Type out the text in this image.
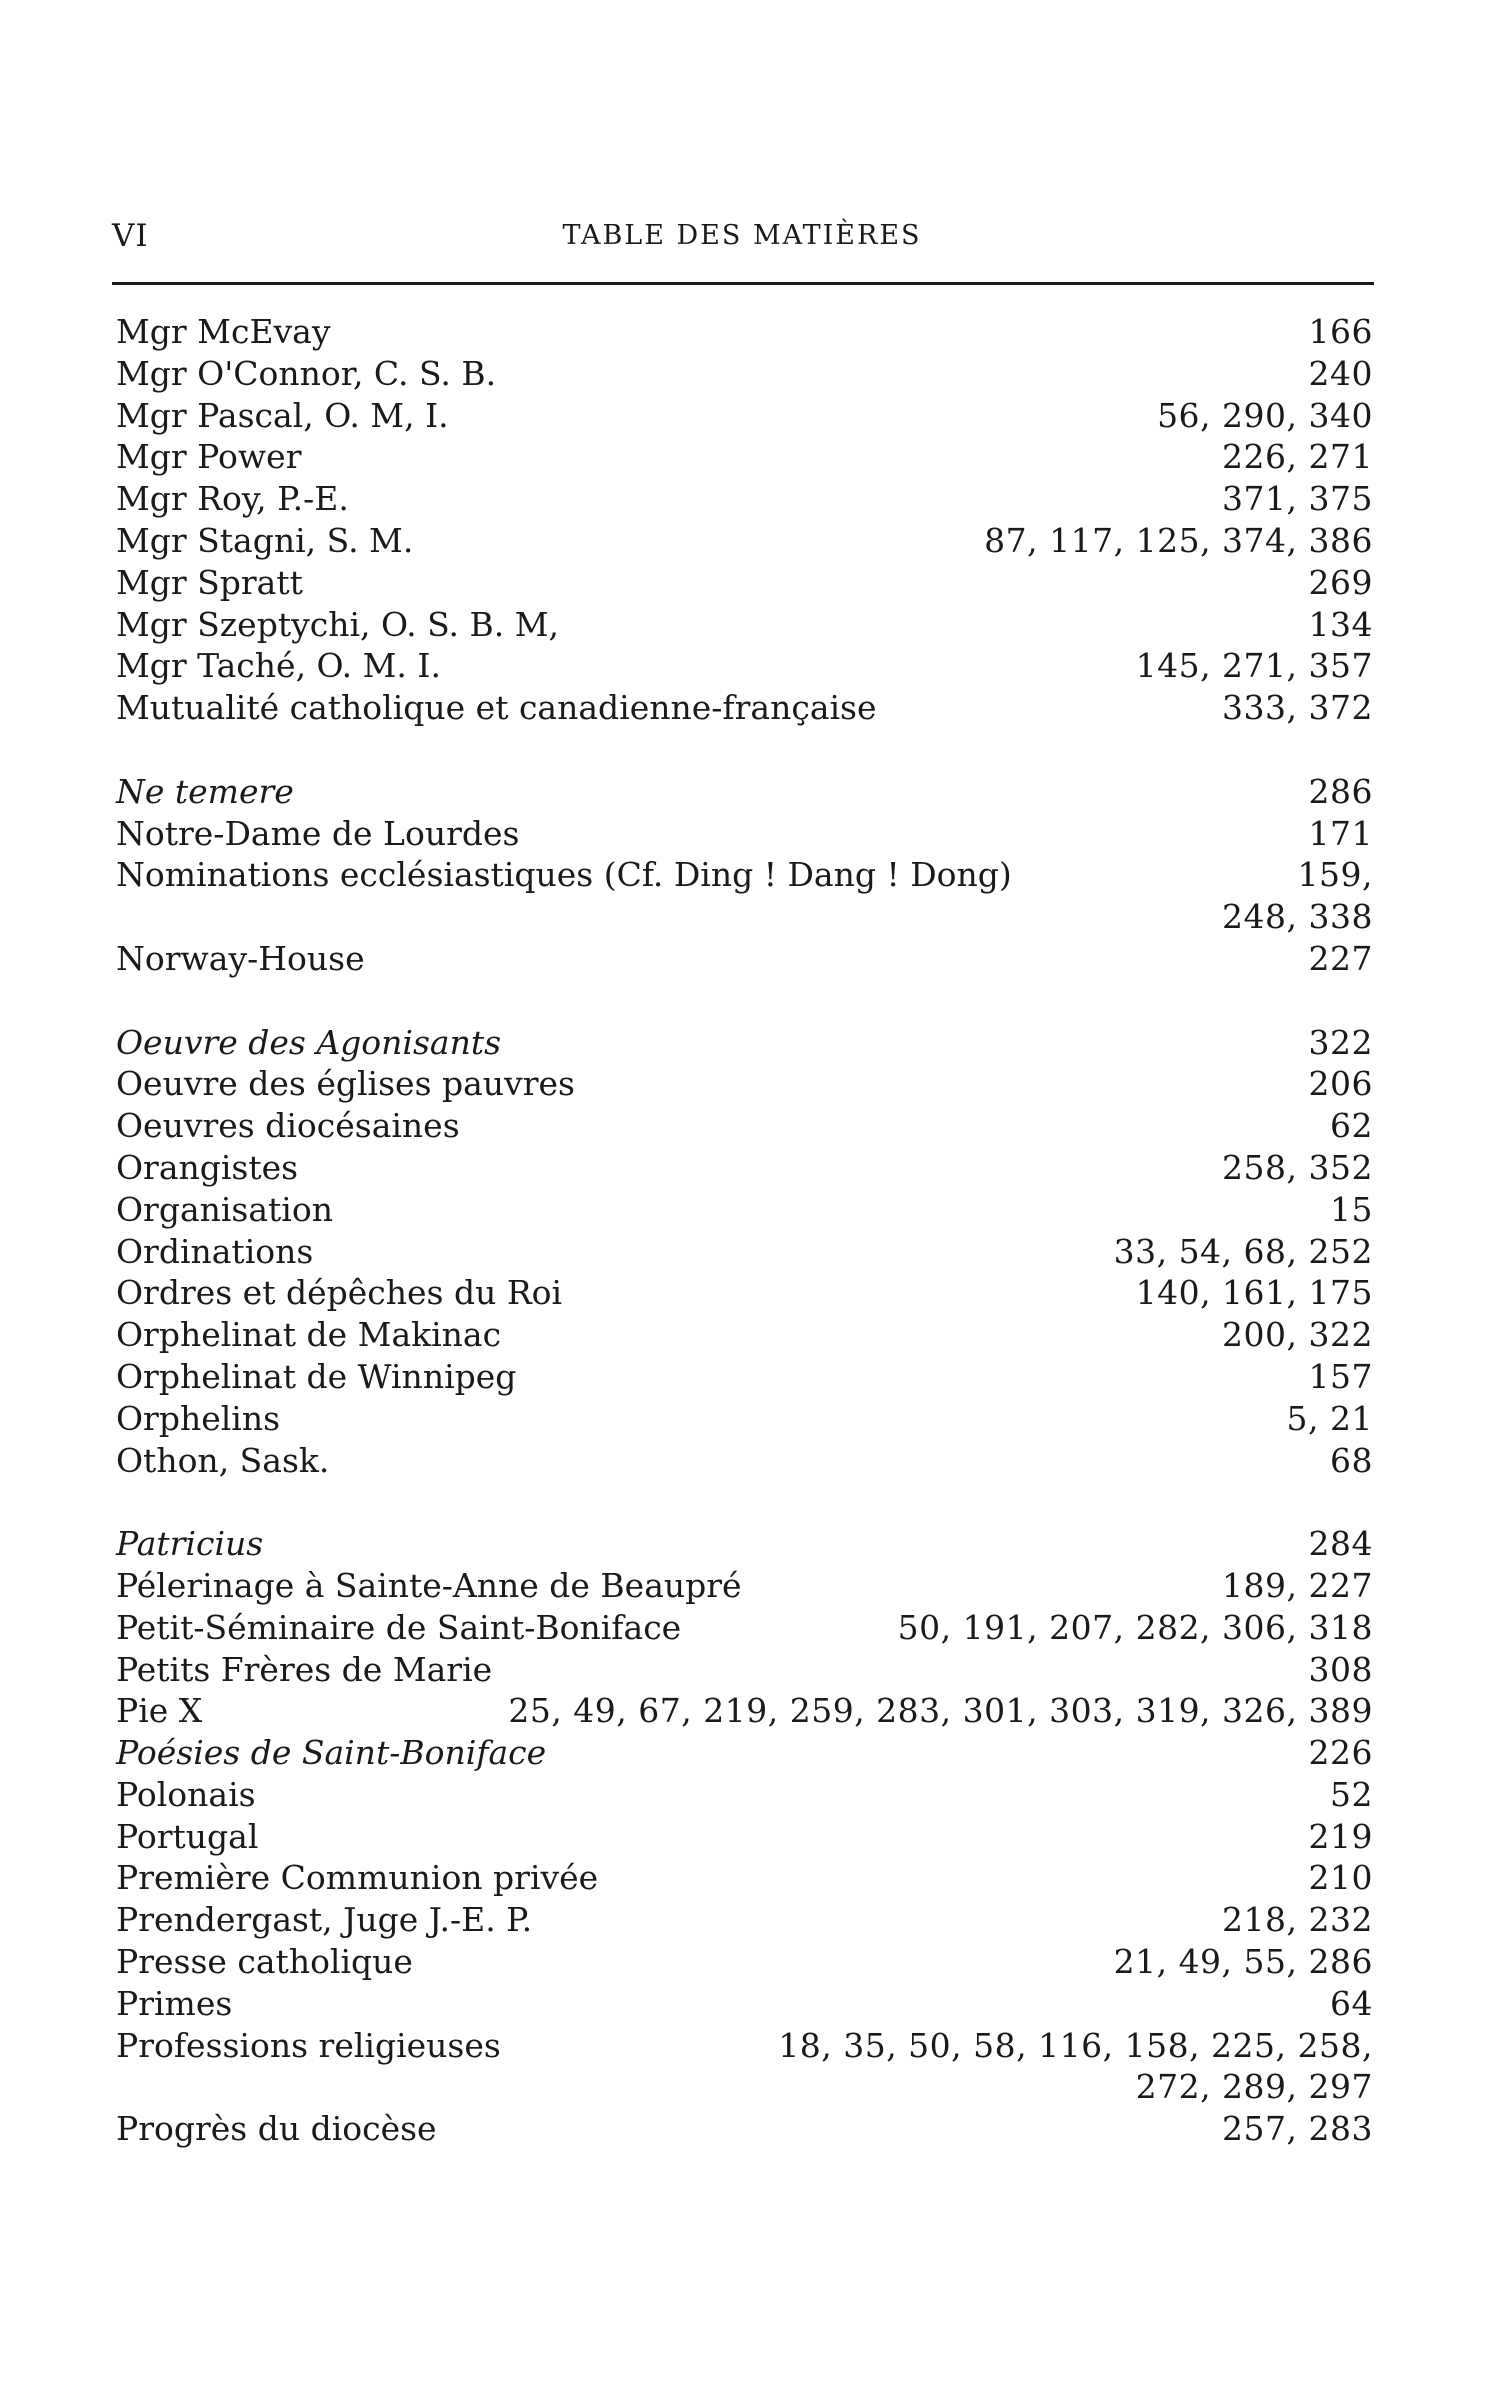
VI	TABLE DES MATIÈRES
Mgr McEvay	166
Mgr O'Connor, C. S. B.	240
Mgr Pascal, O. M, I.	56, 290, 340
Mgr Power	226, 271
Mgr Roy, P.-E.	371, 375
Mgr Stagni, S. M.	87, 117, 125, 374, 386
Mgr Spratt	269
Mgr Szeptychi, O. S. B. M,	134
Mgr Taché, O. M. I.	145, 271, 357
Mutualité catholique et canadienne-française	333, 372
Ne temere	286
Notre-Dame de Lourdes	171
Nominations ecclésiastiques (Cf. Ding ! Dang ! Dong)	159,
248, 338
Norway-House	227
Oeuvre des Agonisants	322
Oeuvre des églises pauvres	206
Oeuvres diocésaines	62
Orangistes	258, 352
Organisation	15
Ordinations	33, 54, 68, 252
Ordres et dépêches du Roi	140, 161, 175
Orphelinat de Makinac	200, 322
Orphelinat de Winnipeg	157
Orphelins	5, 21
Othon, Sask.	68
Patricius	284
Pélerinage à Sainte-Anne de Beaupré	189, 227
Petit-Séminaire de Saint-Boniface	50, 191, 207, 282, 306, 318
Petits Frères de Marie	308
Pie X	25, 49, 67, 219, 259, 283, 301, 303, 319, 326, 389
Poésies de Saint-Boniface	226
Polonais	52
Portugal	219
Première Communion privée	210
Prendergast, Juge J.-E. P.	218, 232
Presse catholique	21, 49, 55, 286
Primes	64
Professions religieuses	18, 35, 50, 58, 116, 158, 225, 258,
272, 289, 297
Progrès du diocèse	257, 283
